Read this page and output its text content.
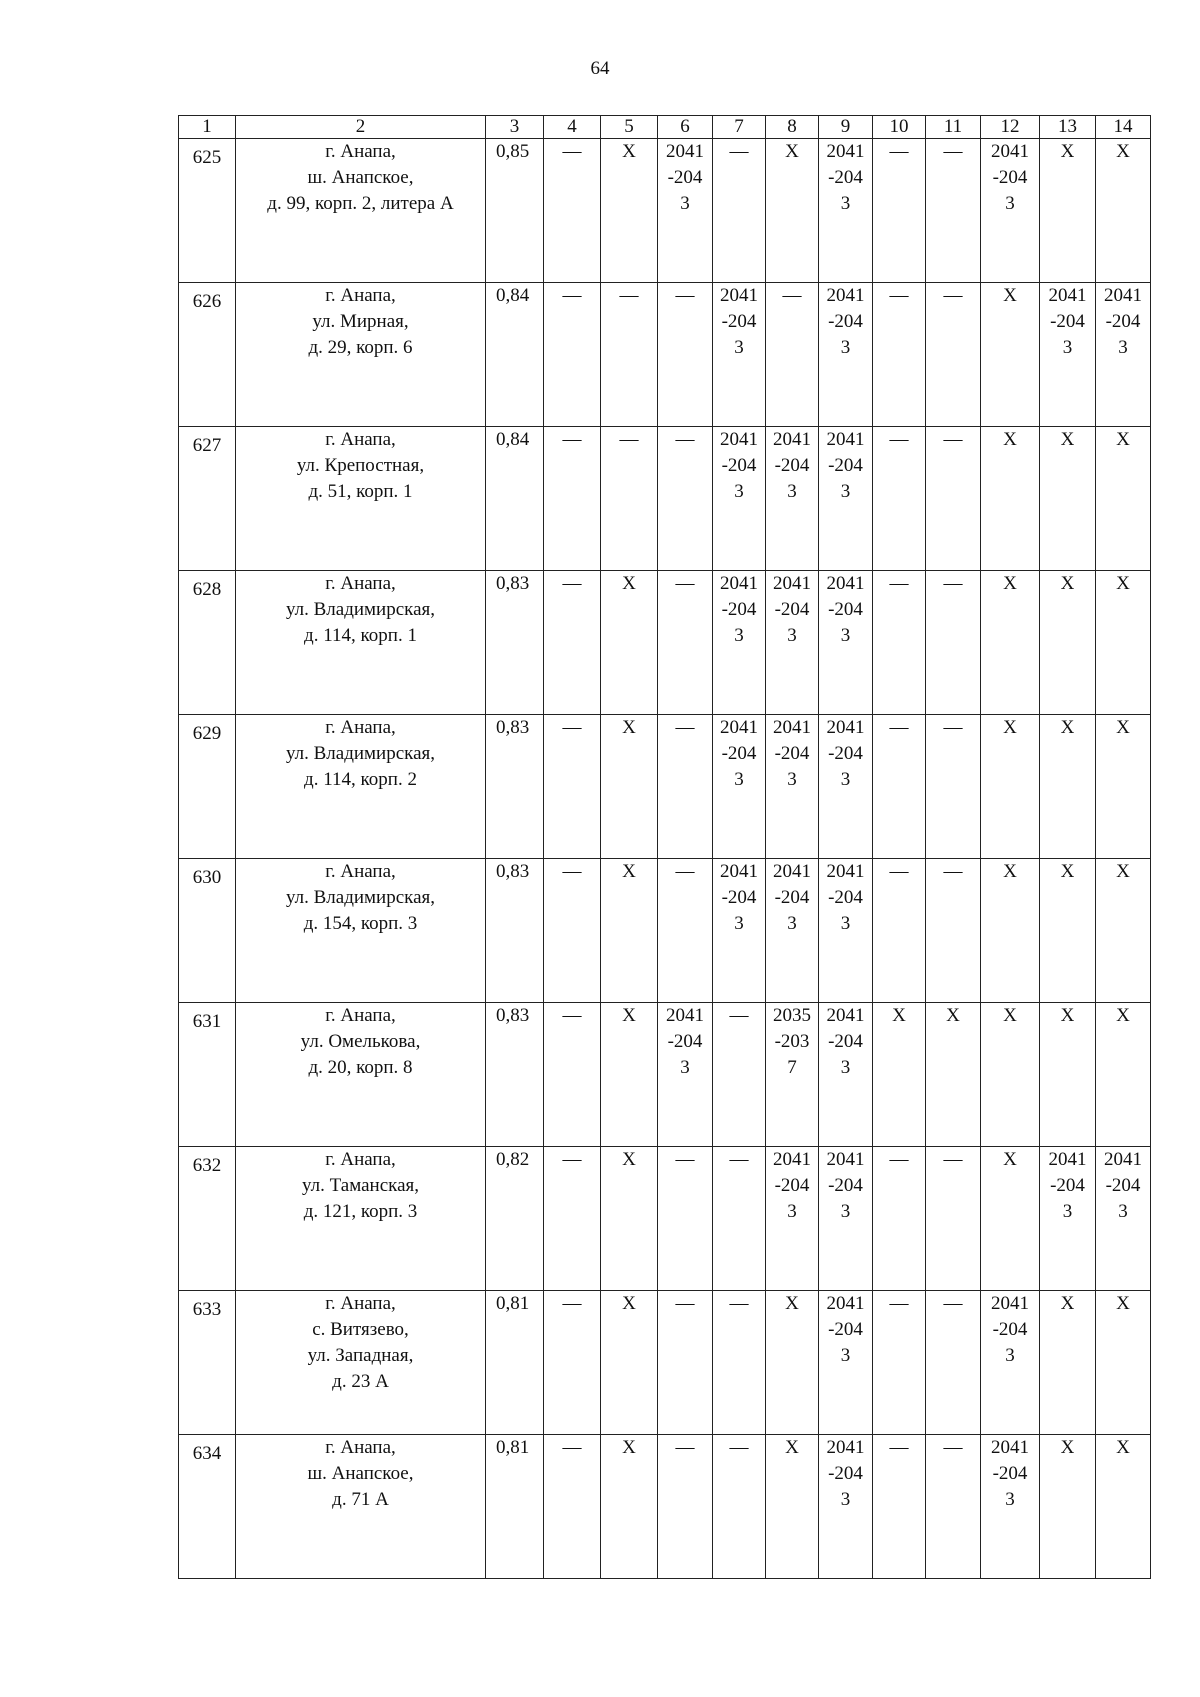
64
1	2	3	4	5	6	7	8	9	10	11	12	13	14
625	г. Анапа,
ш. Анапское,
д. 99, корп. 2, литера А	0,85	—	Х	2041-2043	—	Х	2041-2043	—	—	2041-2043	Х	Х
626	г. Анапа,
ул. Мирная,
д. 29, корп. 6	0,84	—	—	—	2041-2043	—	2041-2043	—	—	Х	2041-2043	2041-2043
627	г. Анапа,
ул. Крепостная,
д. 51, корп. 1	0,84	—	—	—	2041-2043	2041-2043	2041-2043	—	—	Х	Х	Х
628	г. Анапа,
ул. Владимирская,
д. 114, корп. 1	0,83	—	Х	—	2041-2043	2041-2043	2041-2043	—	—	Х	Х	Х
629	г. Анапа,
ул. Владимирская,
д. 114, корп. 2	0,83	—	Х	—	2041-2043	2041-2043	2041-2043	—	—	Х	Х	Х
630	г. Анапа,
ул. Владимирская,
д. 154, корп. 3	0,83	—	Х	—	2041-2043	2041-2043	2041-2043	—	—	Х	Х	Х
631	г. Анапа,
ул. Омелькова,
д. 20, корп. 8	0,83	—	Х	2041-2043	—	2035-2037	2041-2043	Х	Х	Х	Х	Х
632	г. Анапа,
ул. Таманская,
д. 121, корп. 3	0,82	—	Х	—	—	2041-2043	2041-2043	—	—	Х	2041-2043	2041-2043
633	г. Анапа,
с. Витязево,
ул. Западная,
д. 23 А	0,81	—	Х	—	—	Х	2041-2043	—	—	2041-2043	Х	Х
634	г. Анапа,
ш. Анапское,
д. 71 А	0,81	—	Х	—	—	Х	2041-2043	—	—	2041-2043	Х	Х
